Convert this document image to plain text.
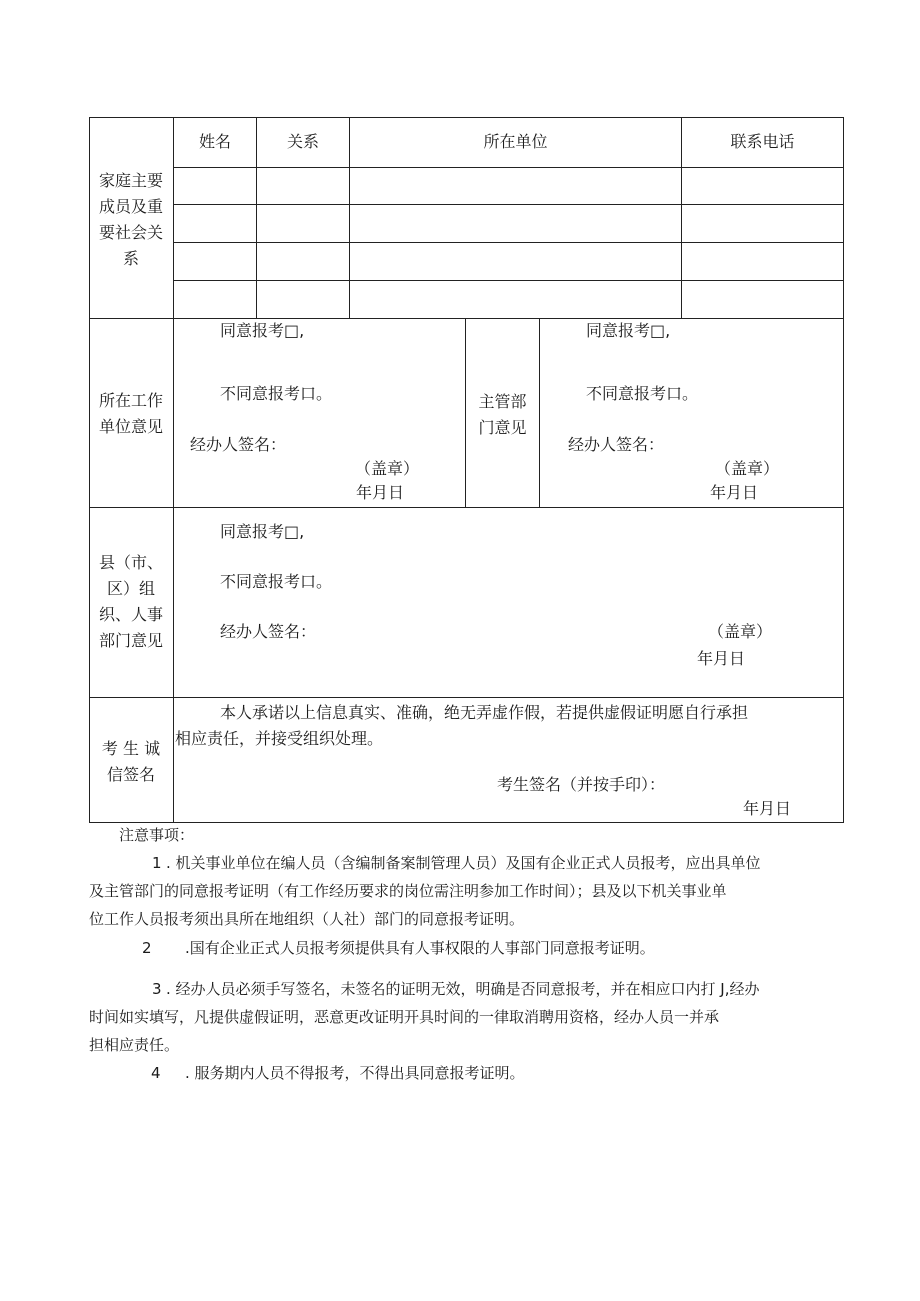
家庭主要
成员及重
要社会关
系
姓名	关系	所在单位	联系电话
所在工作
单位意见
同意报考□,
不同意报考口。
经办人签名：
（盖章）
年月日
主管部
门意见
同意报考□,
不同意报考口。
经办人签名：
（盖章）
年月日
县（市、
区）组
织、人事
部门意见
同意报考□,
不同意报考口。
经办人签名：	（盖章）
年月日
考 生 诚
信签名
本人承诺以上信息真实、准确，绝无弄虚作假，若提供虚假证明愿自行承担
相应责任，并接受组织处理。
考生签名（并按手印）：
年月日
注意事项：
1 . 机关事业单位在编人员（含编制备案制管理人员）及国有企业正式人员报考，应出具单位
及主管部门的同意报考证明（有工作经历要求的岗位需注明参加工作时间）；县及以下机关事业单
位工作人员报考须出具所在地组织（人社）部门的同意报考证明。
2 .国有企业正式人员报考须提供具有人事权限的人事部门同意报考证明。
3 . 经办人员必须手写签名，未签名的证明无效，明确是否同意报考，并在相应口内打 J,经办
时间如实填写，凡提供虚假证明，恶意更改证明开具时间的一律取消聘用资格，经办人员一并承
担相应责任。
4 . 服务期内人员不得报考，不得出具同意报考证明。
